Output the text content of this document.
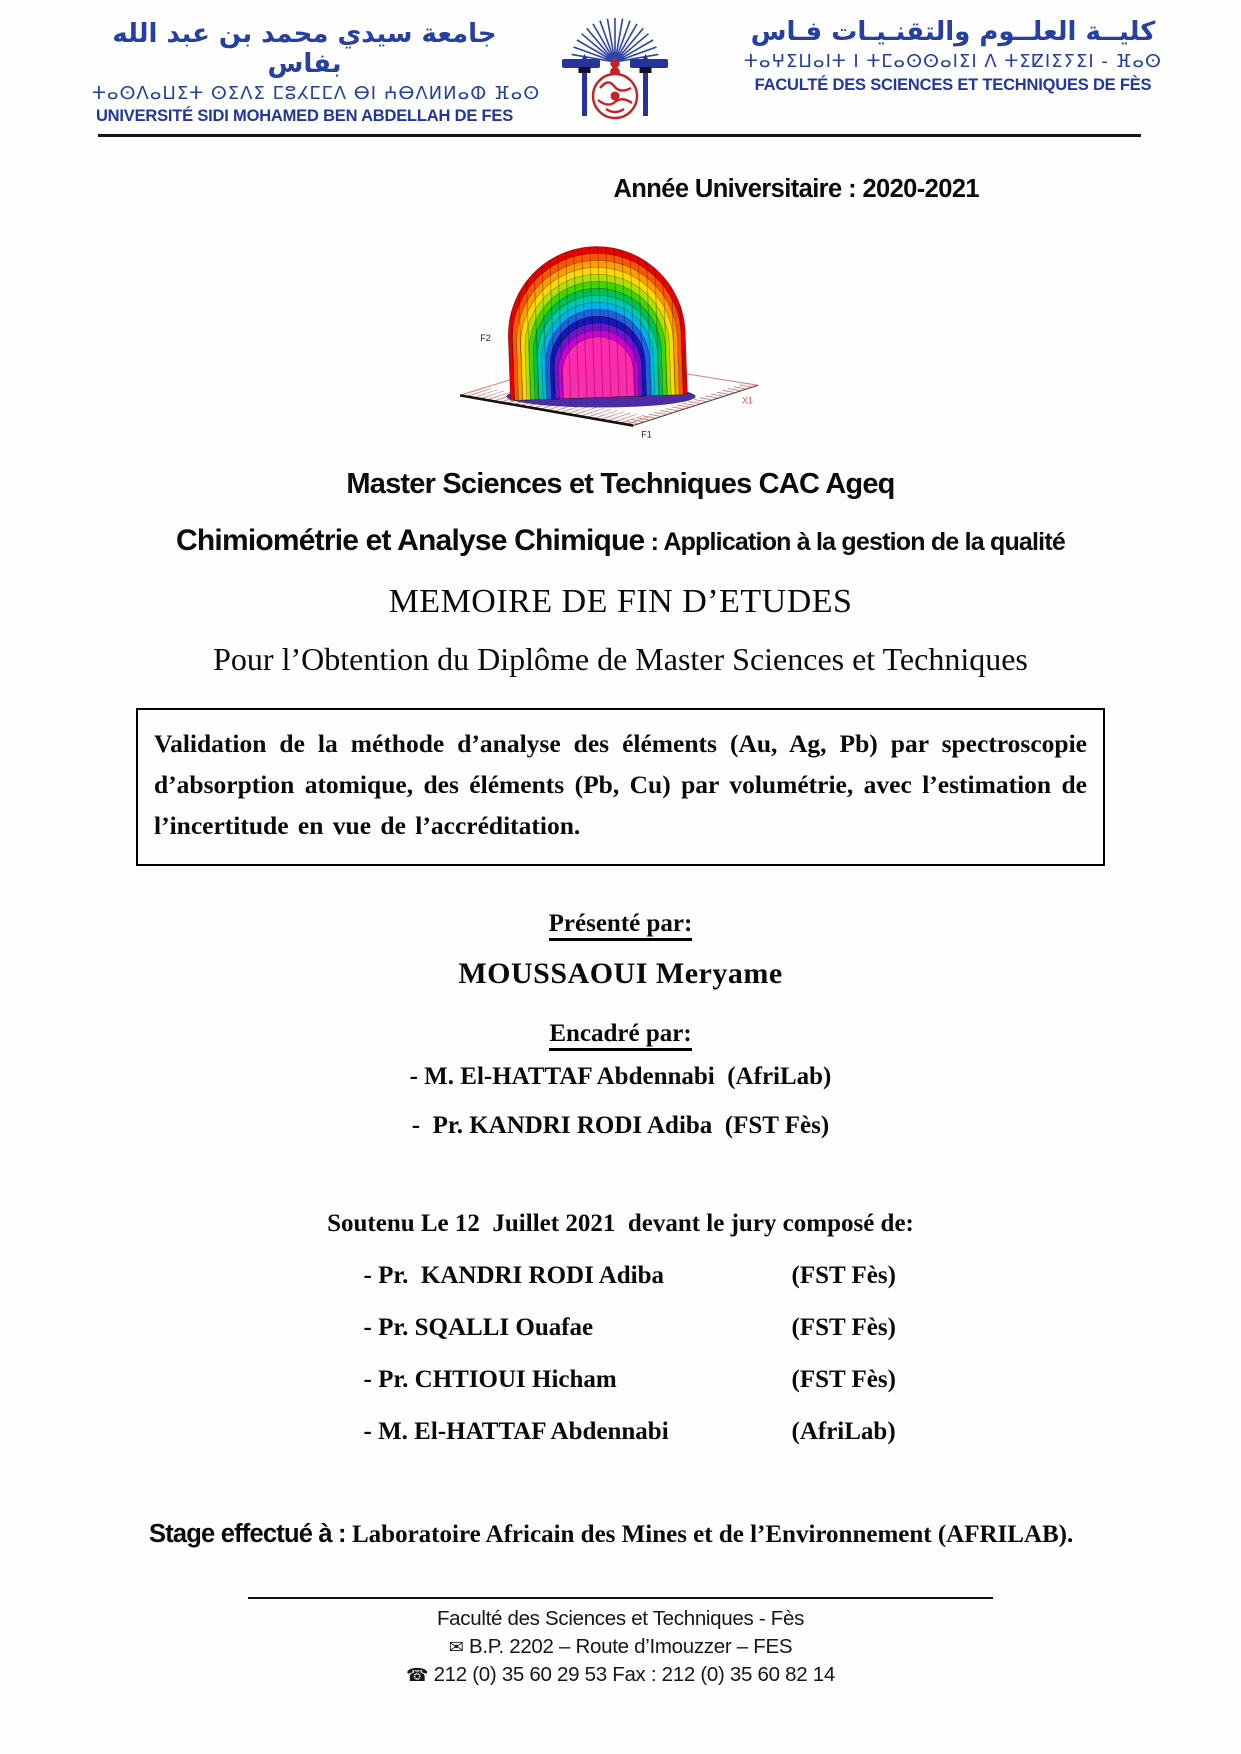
جامعة سيدي محمد بن عبد الله بفاس
ⵜⴰⵙⴷⴰⵡⵉⵜ ⵙⵉⴷⵉ ⵎⵓⵃⵎⵎⴷ ⴱⵏ ⵄⴱⴷⵍⵍⴰⵀ ⴼⴰⵙ
UNIVERSITÉ SIDI MOHAMED BEN ABDELLAH DE FES
كليــة العلــوم والتقنـيـات فـاس
ⵜⴰⵖⵉⵡⴰⵏⵜ ⵏ ⵜⵎⴰⵙⵙⴰⵏⵉⵏ ⴷ ⵜⵉⵇⵏⵉⵢⵉⵏ - ⴼⴰⵙ
FACULTÉ DES SCIENCES ET TECHNIQUES DE FÈS
Année Universitaire : 2020-2021
F2
F1
X1
Master Sciences et Techniques CAC Ageq
Chimiométrie et Analyse Chimique : Application à la gestion de la qualité
MEMOIRE DE FIN D’ETUDES
Pour l’Obtention du Diplôme de Master Sciences et Techniques
Validation de la méthode d’analyse des éléments (Au, Ag, Pb) par spectroscopie d’absorption atomique, des éléments (Pb, Cu) par volumétrie, avec l’estimation de l’incertitude en vue de l’accréditation.
Présenté par:
MOUSSAOUI Meryame
Encadré par:
- M. El-HATTAF Abdennabi  (AfriLab)
-  Pr. KANDRI RODI Adiba  (FST Fès)
Soutenu Le 12  Juillet 2021  devant le jury composé de:
- Pr.  KANDRI RODI Adiba	(FST Fès)
- Pr. SQALLI Ouafae	(FST Fès)
- Pr. CHTIOUI Hicham	(FST Fès)
- M. El-HATTAF Abdennabi	(AfriLab)

Stage effectué à : Laboratoire Africain des Mines et de l’Environnement (AFRILAB).

Faculté des Sciences et Techniques - Fès
✉ B.P. 2202 – Route d’Imouzzer – FES
☎ 212 (0) 35 60 29 53 Fax : 212 (0) 35 60 82 14
